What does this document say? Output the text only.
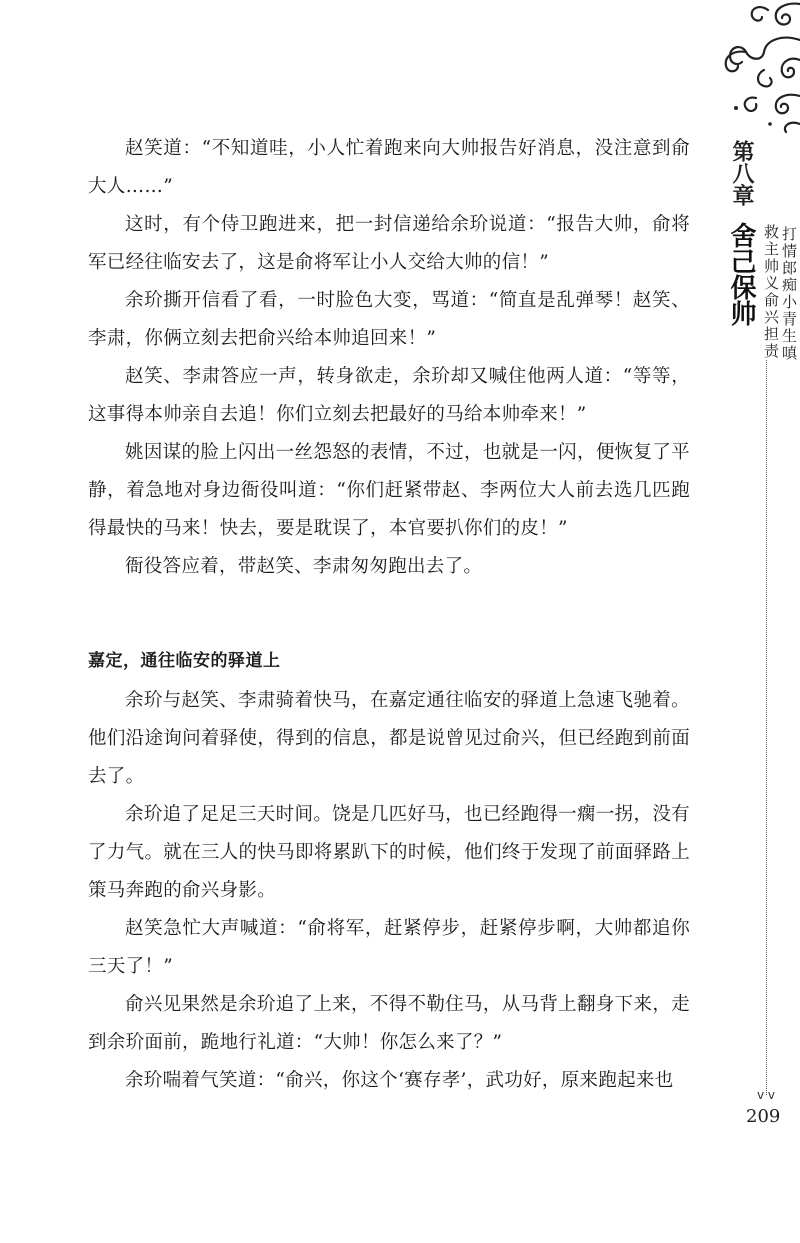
赵笑道：“不知道哇，小人忙着跑来向大帅报告好消息，没注意到俞大人……”

这时，有个侍卫跑进来，把一封信递给余玠说道：“报告大帅，俞将军已经往临安去了，这是俞将军让小人交给大帅的信！”

余玠撕开信看了看，一时脸色大变，骂道：“简直是乱弹琴！赵笑、李肃，你俩立刻去把俞兴给本帅追回来！”

赵笑、李肃答应一声，转身欲走，余玠却又喊住他两人道：“等等，这事得本帅亲自去追！你们立刻去把最好的马给本帅牵来！”

姚因谋的脸上闪出一丝怨怒的表情，不过，也就是一闪，便恢复了平静，着急地对身边衙役叫道：“你们赶紧带赵、李两位大人前去选几匹跑得最快的马来！快去，要是耽误了，本官要扒你们的皮！”

衙役答应着，带赵笑、李肃匆匆跑出去了。

嘉定，通往临安的驿道上

余玠与赵笑、李肃骑着快马，在嘉定通往临安的驿道上急速飞驰着。他们沿途询问着驿使，得到的信息，都是说曾见过俞兴，但已经跑到前面去了。

余玠追了足足三天时间。饶是几匹好马，也已经跑得一瘸一拐，没有了力气。就在三人的快马即将累趴下的时候，他们终于发现了前面驿路上策马奔跑的俞兴身影。

赵笑急忙大声喊道：“俞将军，赶紧停步，赶紧停步啊，大帅都追你三天了！”

俞兴见果然是余玠追了上来，不得不勒住马，从马背上翻身下来，走到余玠面前，跪地行礼道：“大帅！你怎么来了？”

余玠喘着气笑道：“俞兴，你这个‘赛存孝’，武功好，原来跑起来也

第八章
舍己保帅 救主帅义俞兴担责 打情郎痴小青生嗔
v v
209
